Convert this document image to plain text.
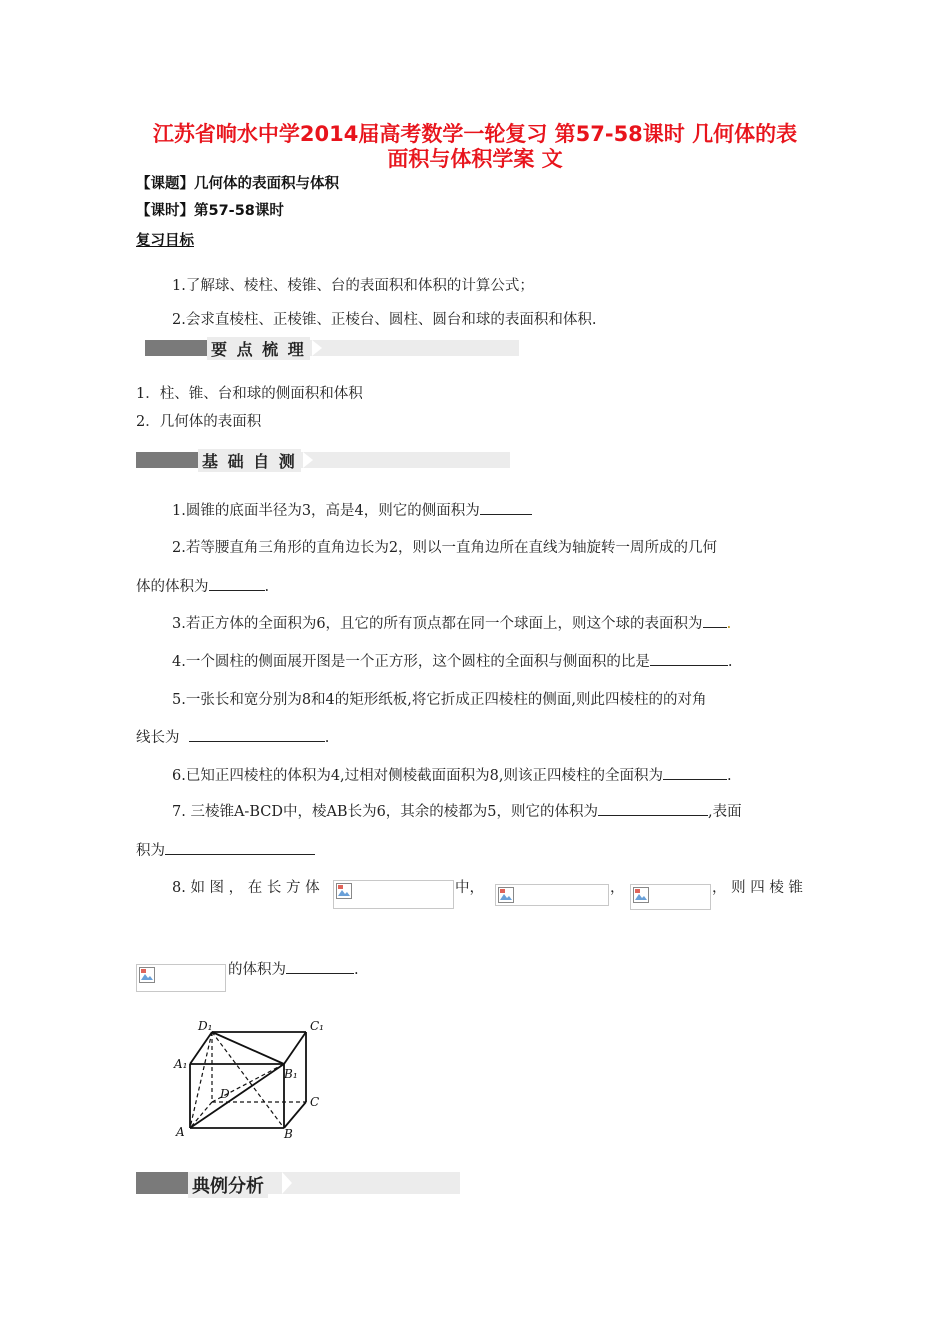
江苏省响水中学2014届高考数学一轮复习 第57-58课时 几何体的表
面积与体积学案 文
【课题】几何体的表面积与体积
【课时】第57-58课时
复习目标
1.了解球、棱柱、棱锥、台的表面积和体积的计算公式；
2.会求直棱柱、正棱锥、正棱台、圆柱、圆台和球的表面积和体积.
要 点 梳 理
1．柱、锥、台和球的侧面积和体积
2．几何体的表面积
基 础 自 测
1.圆锥的底面半径为3，高是4，则它的侧面积为
2.若等腰直角三角形的直角边长为2，则以一直角边所在直线为轴旋转一周所成的几何
体的体积为	.
3.若正方体的全面积为6，且它的所有顶点都在同一个球面上，则这个球的表面积为 .
4.一个圆柱的侧面展开图是一个正方形，这个圆柱的全面积与侧面积的比是	.
5.一张长和宽分别为8和4的矩形纸板,将它折成正四棱柱的侧面,则此四棱柱的的对角
线长为	.
6.已知正四棱柱的体积为4,过相对侧棱截面面积为8,则该正四棱柱的全面积为	.
7. 三棱锥A-BCD中，棱AB长为6，其余的棱都为5，则它的体积为	,表面
积为
8. 如 图 ， 在 长 方 体	中，	，	， 则 四 棱 锥
的体积为	.
D₁	C₁
A₁
B₁
D
C
A	B
典例分析
